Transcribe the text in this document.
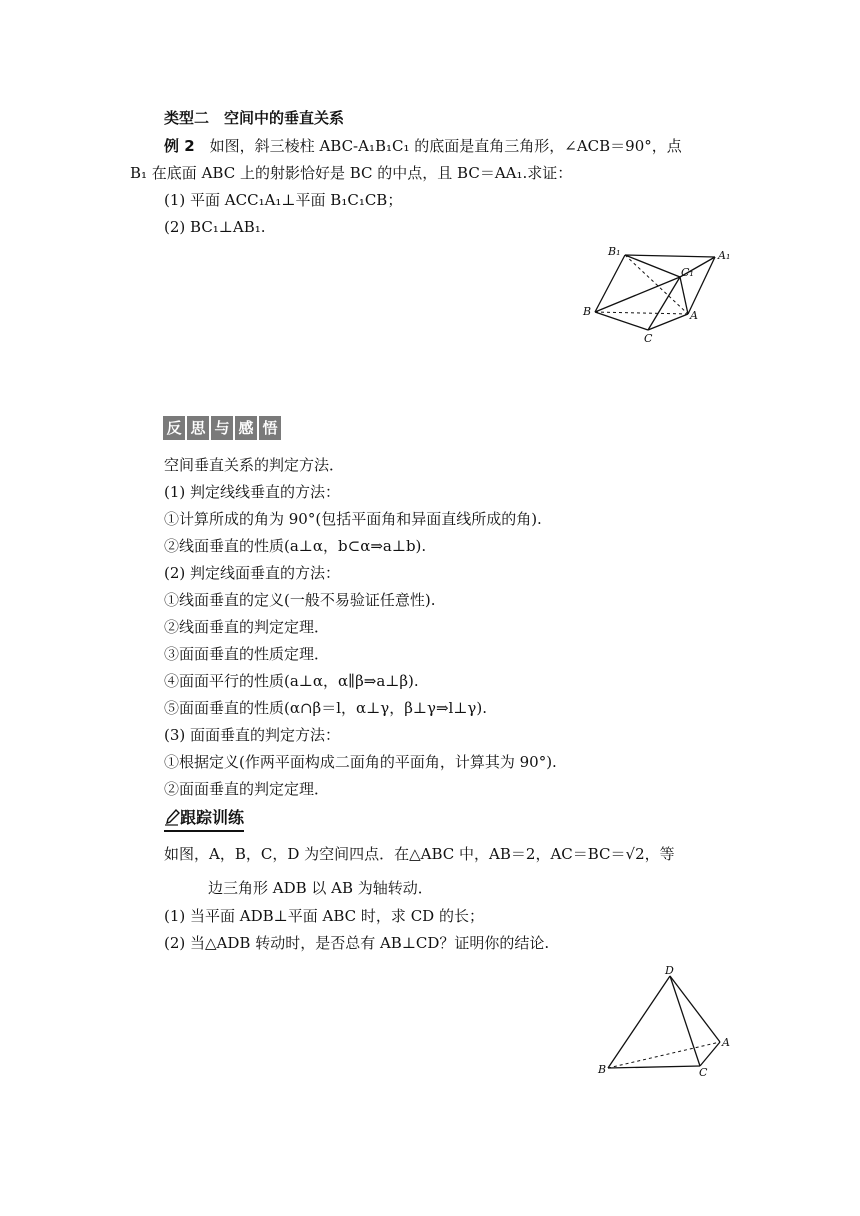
类型二　空间中的垂直关系
例 2　如图，斜三棱柱 ABC-A₁B₁C₁ 的底面是直角三角形，∠ACB＝90°，点
B₁ 在底面 ABC 上的射影恰好是 BC 的中点，且 BC＝AA₁.求证：
(1) 平面 ACC₁A₁⊥平面 B₁C₁CB；
(2) BC₁⊥AB₁.
B₁	A₁
C₁
B	A
C
反 思 与 感 悟
空间垂直关系的判定方法．
(1) 判定线线垂直的方法：
①计算所成的角为 90°(包括平面角和异面直线所成的角).
②线面垂直的性质(a⊥α，b⊂α⇒a⊥b).
(2) 判定线面垂直的方法：
①线面垂直的定义(一般不易验证任意性).
②线面垂直的判定定理．
③面面垂直的性质定理．
④面面平行的性质(a⊥α，α∥β⇒a⊥β).
⑤面面垂直的性质(α∩β＝l，α⊥γ，β⊥γ⇒l⊥γ).
(3) 面面垂直的判定方法：
①根据定义(作两平面构成二面角的平面角，计算其为 90°).
②面面垂直的判定定理．
跟踪训练
如图，A，B，C，D 为空间四点．在△ABC 中，AB＝2，AC＝BC＝√2，等
边三角形 ADB 以 AB 为轴转动．
(1) 当平面 ADB⊥平面 ABC 时，求 CD 的长；
(2) 当△ADB 转动时，是否总有 AB⊥CD？证明你的结论.
D
A
B	C
